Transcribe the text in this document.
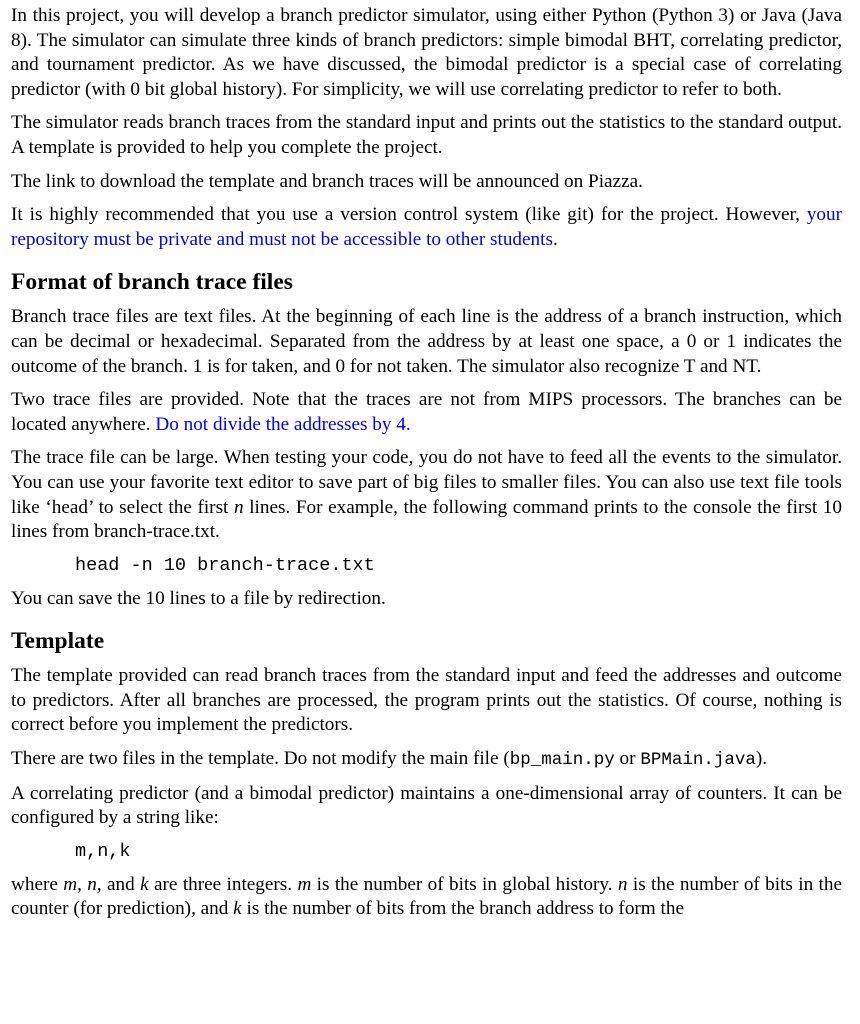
In this project, you will develop a branch predictor simulator, using either Python (Python 3) or Java (Java 8). The simulator can simulate three kinds of branch predictors: simple bimodal BHT, correlating predictor, and tournament predictor. As we have discussed, the bimodal predictor is a special case of correlating predictor (with 0 bit global history). For simplicity, we will use correlating predictor to refer to both.

The simulator reads branch traces from the standard input and prints out the statistics to the standard output. A template is provided to help you complete the project.

The link to download the template and branch traces will be announced on Piazza.

It is highly recommended that you use a version control system (like git) for the project. However, your repository must be private and must not be accessible to other students.

Format of branch trace files

Branch trace files are text files. At the beginning of each line is the address of a branch instruction, which can be decimal or hexadecimal. Separated from the address by at least one space, a 0 or 1 indicates the outcome of the branch. 1 is for taken, and 0 for not taken. The simulator also recognize T and NT.

Two trace files are provided. Note that the traces are not from MIPS processors. The branches can be located anywhere. Do not divide the addresses by 4.

The trace file can be large. When testing your code, you do not have to feed all the events to the simulator. You can use your favorite text editor to save part of big files to smaller files. You can also use text file tools like ‘head’ to select the first n lines. For example, the following command prints to the console the first 10 lines from branch-trace.txt.

head -n 10 branch-trace.txt

You can save the 10 lines to a file by redirection.

Template

The template provided can read branch traces from the standard input and feed the addresses and outcome to predictors. After all branches are processed, the program prints out the statistics. Of course, nothing is correct before you implement the predictors.

There are two files in the template. Do not modify the main file (bp_main.py or BPMain.java).

A correlating predictor (and a bimodal predictor) maintains a one-dimensional array of counters. It can be configured by a string like:

m,n,k

where m, n, and k are three integers. m is the number of bits in global history. n is the number of bits in the counter (for prediction), and k is the number of bits from the branch address to form the
